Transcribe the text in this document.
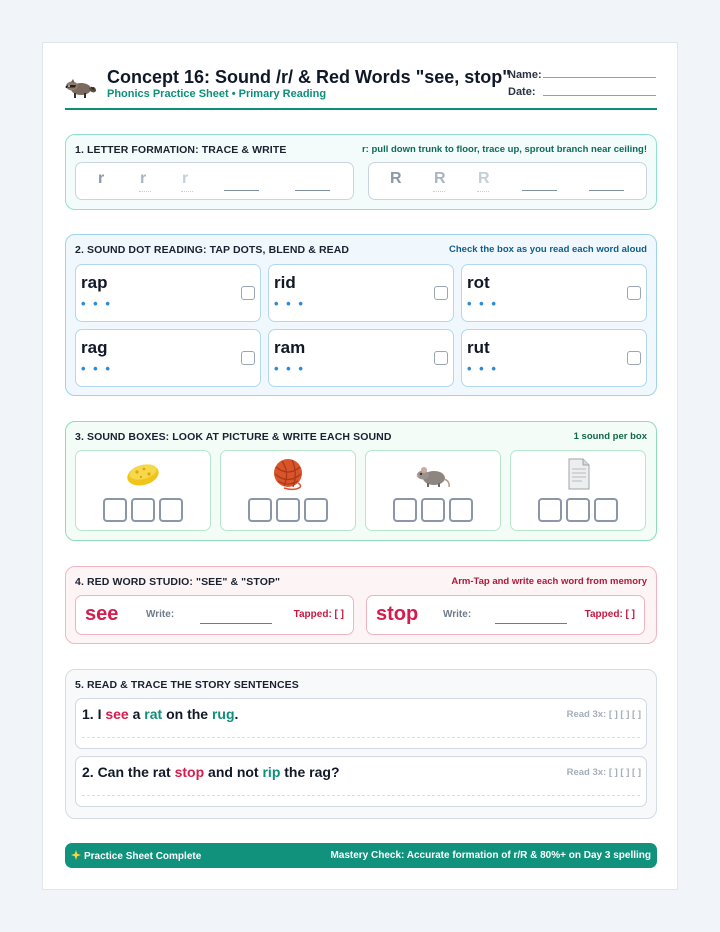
Concept 16: Sound /r/ & Red Words "see, stop"
Phonics Practice Sheet • Primary Reading
Name:
Date:
1. LETTER FORMATION: TRACE & WRITE	r: pull down trunk to floor, trace up, sprout branch near ceiling!
r r r	R R R
2. SOUND DOT READING: TAP DOTS, BLEND & READ	Check the box as you read each word aloud
rap
• • •
rid
• • •
rot
• • •
rag
• • •
ram
• • •
rut
• • •
3. SOUND BOXES: LOOK AT PICTURE & WRITE EACH SOUND	1 sound per box
4. RED WORD STUDIO: "SEE" & "STOP"	Arm-Tap and write each word from memory
see	Write:	Tapped: [ ] stop Write:	Tapped: [ ]
5. READ & TRACE THE STORY SENTENCES
1. I see a rat on the rug.	Read 3x: [ ] [ ] [ ]
2. Can the rat stop and not rip the rag?	Read 3x: [ ] [ ] [ ]
Practice Sheet Complete	Mastery Check: Accurate formation of r/R & 80%+ on Day 3 spelling
